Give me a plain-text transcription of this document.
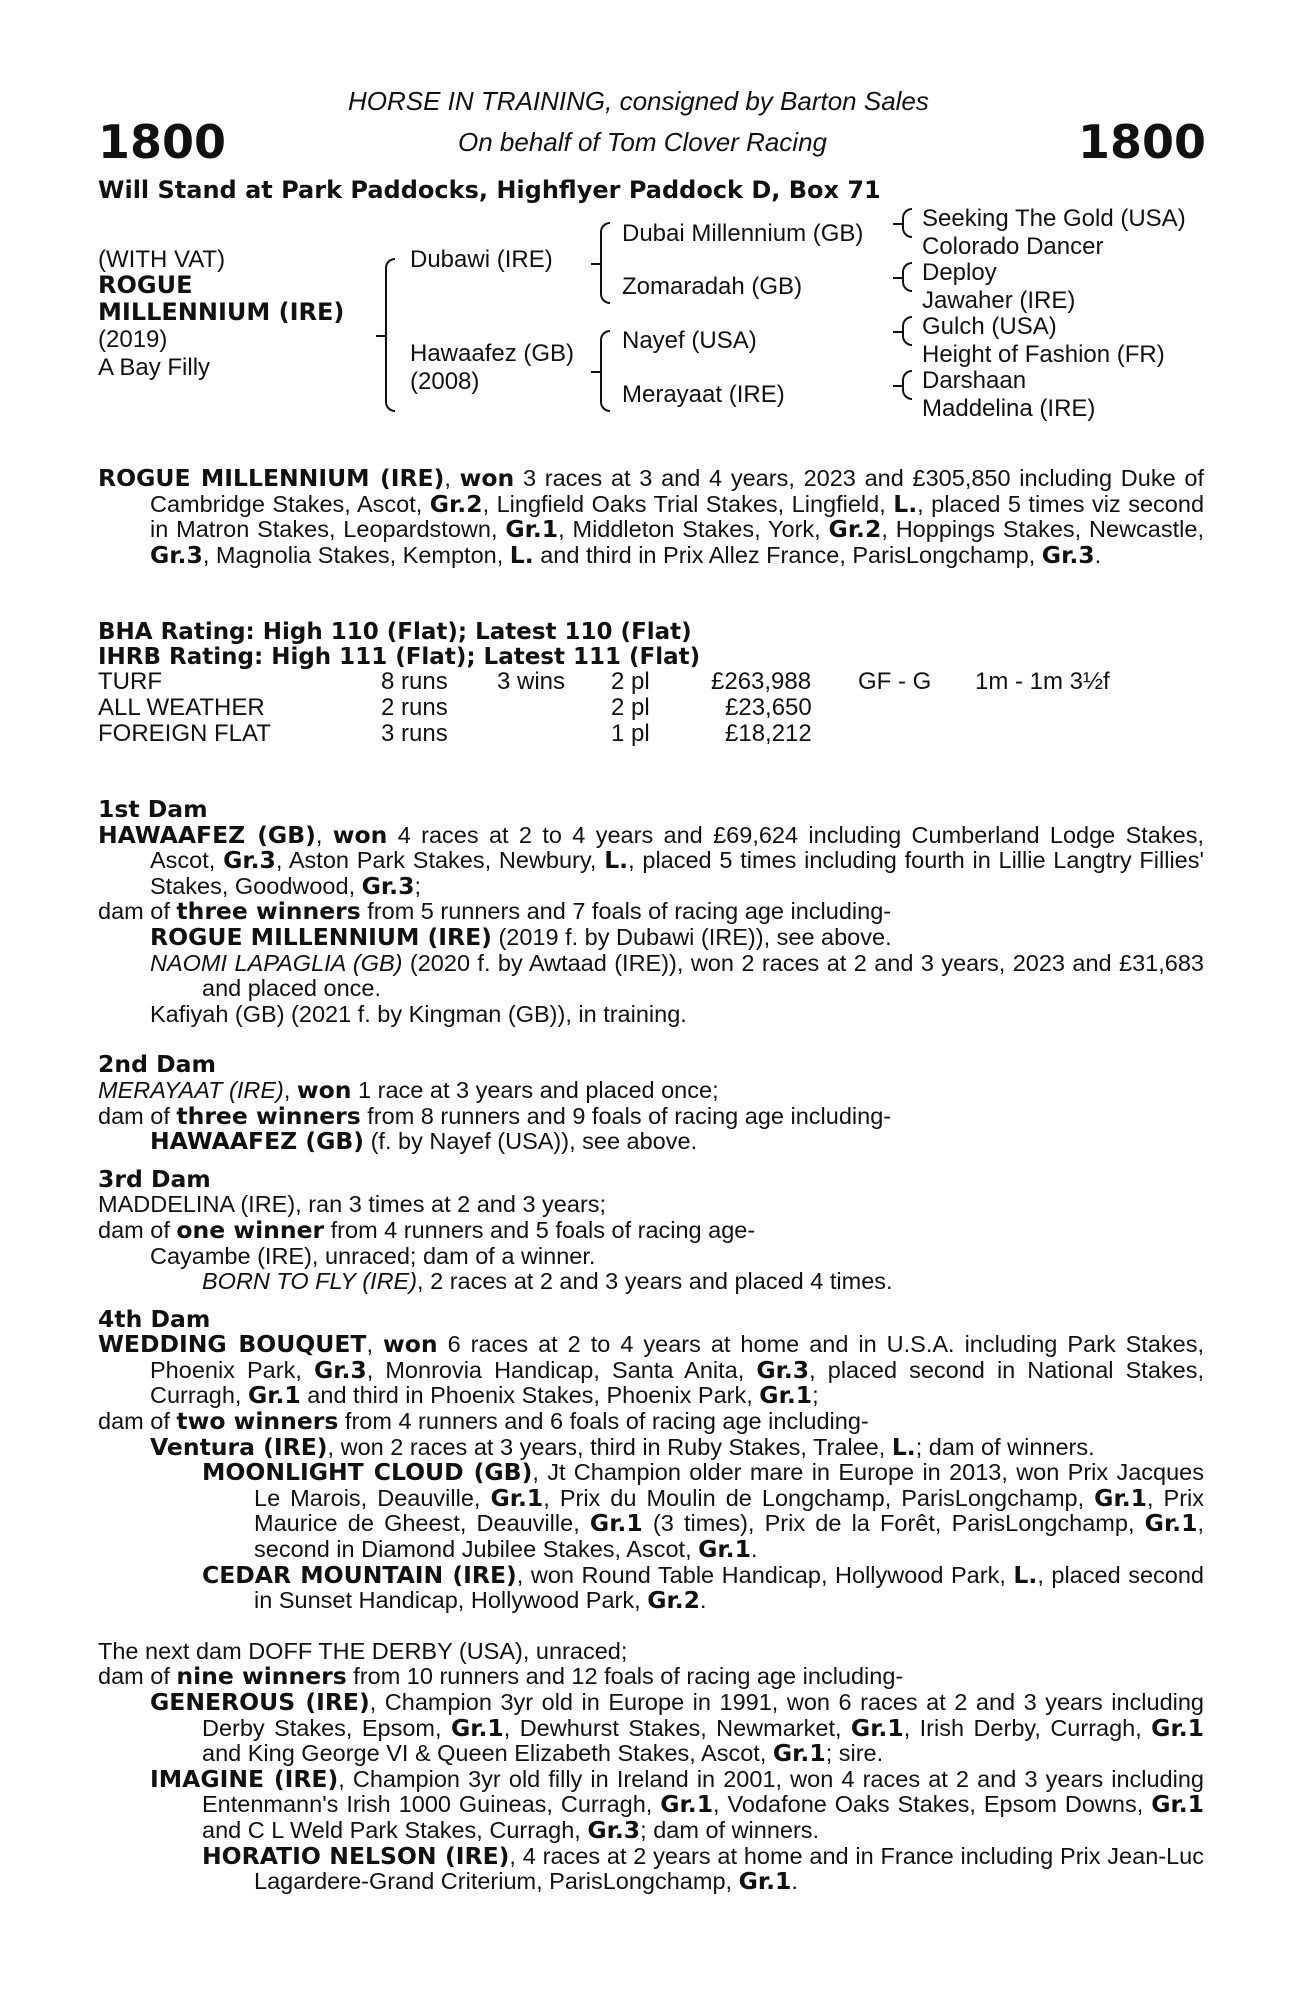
1800	1800
HORSE IN TRAINING, consigned by Barton Sales
On behalf of Tom Clover Racing
Will Stand at Park Paddocks, Highflyer Paddock D, Box 71
(WITH VAT)
ROGUE
MILLENNIUM (IRE)
(2019)
A Bay Filly
Dubawi (IRE)
Hawaafez (GB)
(2008)
Dubai Millennium (GB)
Zomaradah (GB)
Nayef (USA)
Merayaat (IRE)
Seeking The Gold (USA)
Colorado Dancer
Deploy
Jawaher (IRE)
Gulch (USA)
Height of Fashion (FR)
Darshaan
Maddelina (IRE)

ROGUE MILLENNIUM (IRE), won 3 races at 3 and 4 years, 2023 and £305,850 including Duke of Cambridge Stakes, Ascot, Gr.2, Lingfield Oaks Trial Stakes, Lingfield, L., placed 5 times viz second in Matron Stakes, Leopardstown, Gr.1, Middleton Stakes, York, Gr.2, Hoppings Stakes, Newcastle, Gr.3, Magnolia Stakes, Kempton, L. and third in Prix Allez France, ParisLongchamp, Gr.3.

BHA Rating: High 110 (Flat); Latest 110 (Flat)
IHRB Rating: High 111 (Flat); Latest 111 (Flat)
TURF	8 runs 3 wins 2 pl	£263,988 GF - G 1m - 1m 3½f
ALL WEATHER	2 runs	2 pl	£23,650
FOREIGN FLAT	3 runs	1 pl	£18,212

1st Dam

HAWAAFEZ (GB), won 4 races at 2 to 4 years and £69,624 including Cumberland Lodge Stakes, Ascot, Gr.3, Aston Park Stakes, Newbury, L., placed 5 times including fourth in Lillie Langtry Fillies' Stakes, Goodwood, Gr.3;

dam of three winners from 5 runners and 7 foals of racing age including-

ROGUE MILLENNIUM (IRE) (2019 f. by Dubawi (IRE)), see above.

NAOMI LAPAGLIA (GB) (2020 f. by Awtaad (IRE)), won 2 races at 2 and 3 years, 2023 and £31,683 and placed once.

Kafiyah (GB) (2021 f. by Kingman (GB)), in training.

2nd Dam

MERAYAAT (IRE), won 1 race at 3 years and placed once;

dam of three winners from 8 runners and 9 foals of racing age including-

HAWAAFEZ (GB) (f. by Nayef (USA)), see above.

3rd Dam

MADDELINA (IRE), ran 3 times at 2 and 3 years;

dam of one winner from 4 runners and 5 foals of racing age-

Cayambe (IRE), unraced; dam of a winner.

BORN TO FLY (IRE), 2 races at 2 and 3 years and placed 4 times.

4th Dam

WEDDING BOUQUET, won 6 races at 2 to 4 years at home and in U.S.A. including Park Stakes, Phoenix Park, Gr.3, Monrovia Handicap, Santa Anita, Gr.3, placed second in National Stakes, Curragh, Gr.1 and third in Phoenix Stakes, Phoenix Park, Gr.1;

dam of two winners from 4 runners and 6 foals of racing age including-

Ventura (IRE), won 2 races at 3 years, third in Ruby Stakes, Tralee, L.; dam of winners.

MOONLIGHT CLOUD (GB), Jt Champion older mare in Europe in 2013, won Prix Jacques Le Marois, Deauville, Gr.1, Prix du Moulin de Longchamp, ParisLongchamp, Gr.1, Prix Maurice de Gheest, Deauville, Gr.1 (3 times), Prix de la Forêt, ParisLongchamp, Gr.1, second in Diamond Jubilee Stakes, Ascot, Gr.1.

CEDAR MOUNTAIN (IRE), won Round Table Handicap, Hollywood Park, L., placed second in Sunset Handicap, Hollywood Park, Gr.2.

The next dam DOFF THE DERBY (USA), unraced;

dam of nine winners from 10 runners and 12 foals of racing age including-

GENEROUS (IRE), Champion 3yr old in Europe in 1991, won 6 races at 2 and 3 years including Derby Stakes, Epsom, Gr.1, Dewhurst Stakes, Newmarket, Gr.1, Irish Derby, Curragh, Gr.1 and King George VI & Queen Elizabeth Stakes, Ascot, Gr.1; sire.

IMAGINE (IRE), Champion 3yr old filly in Ireland in 2001, won 4 races at 2 and 3 years including Entenmann's Irish 1000 Guineas, Curragh, Gr.1, Vodafone Oaks Stakes, Epsom Downs, Gr.1 and C L Weld Park Stakes, Curragh, Gr.3; dam of winners.

HORATIO NELSON (IRE), 4 races at 2 years at home and in France including Prix Jean-Luc Lagardere-Grand Criterium, ParisLongchamp, Gr.1.
